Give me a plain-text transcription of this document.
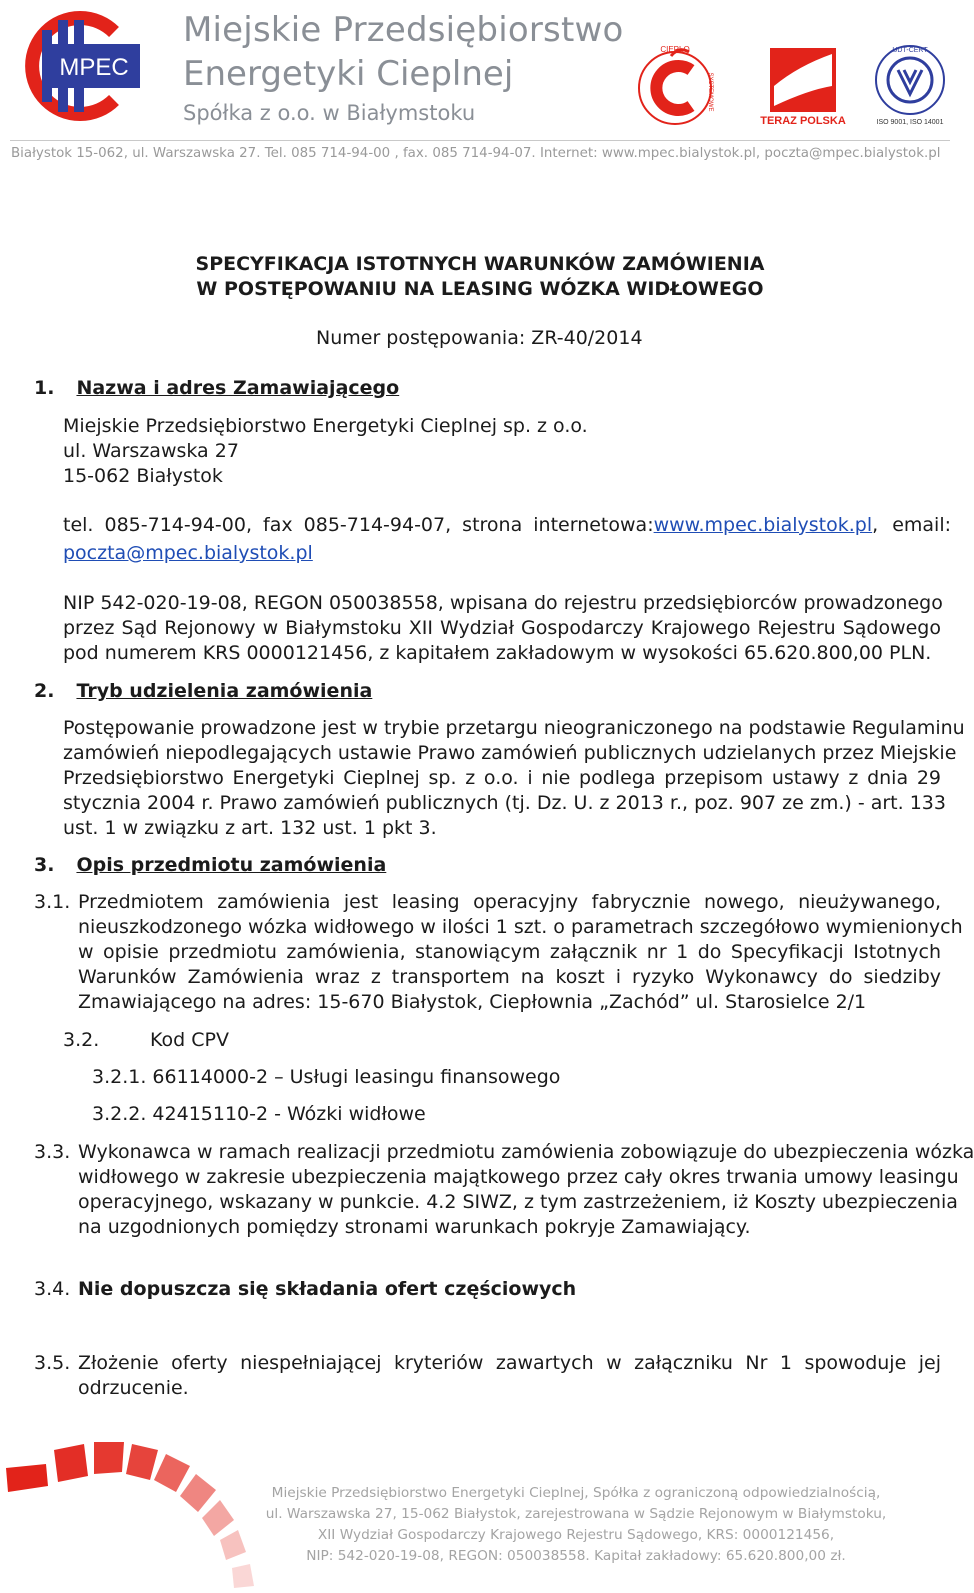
MPEC
Miejskie Przedsiębiorstwo
Energetyki Cieplnej
Spółka z o.o. w Białymstoku
CIEPŁO
SYSTEMOWE
TERAZ POLSKA
UDT-CERT
ISO 9001, ISO 14001
Białystok 15-062, ul. Warszawska 27. Tel. 085 714-94-00 , fax. 085 714-94-07. Internet: www.mpec.bialystok.pl, poczta@mpec.bialystok.pl
SPECYFIKACJA ISTOTNYCH WARUNKÓW ZAMÓWIENIA
W POSTĘPOWANIU NA LEASING WÓZKA WIDŁOWEGO
Numer postępowania: ZR-40/2014
1. Nazwa i adres Zamawiającego
Miejskie Przedsiębiorstwo Energetyki Cieplnej sp. z o.o.
ul. Warszawska 27
15-062 Białystok
tel. 085-714-94-00, fax 085-714-94-07, strona internetowa: www.mpec.bialystok.pl, email:
poczta@mpec.bialystok.pl
NIP 542-020-19-08, REGON 050038558, wpisana do rejestru przedsiębiorców prowadzonego
przez Sąd Rejonowy w Białymstoku XII Wydział Gospodarczy Krajowego Rejestru Sądowego
pod numerem KRS 0000121456, z kapitałem zakładowym w wysokości 65.620.800,00 PLN.
2. Tryb udzielenia zamówienia
Postępowanie prowadzone jest w trybie przetargu nieograniczonego na podstawie Regulaminu
zamówień niepodlegających ustawie Prawo zamówień publicznych udzielanych przez Miejskie
Przedsiębiorstwo Energetyki Cieplnej sp. z o.o. i nie podlega przepisom ustawy z dnia 29
stycznia 2004 r. Prawo zamówień publicznych (tj. Dz. U. z 2013 r., poz. 907 ze zm.) - art. 133
ust. 1 w związku z art. 132 ust. 1 pkt 3.
3. Opis przedmiotu zamówienia
3.1. Przedmiotem zamówienia jest leasing operacyjny fabrycznie nowego, nieużywanego,
nieuszkodzonego wózka widłowego w ilości 1 szt. o parametrach szczegółowo wymienionych
w opisie przedmiotu zamówienia, stanowiącym załącznik nr 1 do Specyfikacji Istotnych
Warunków Zamówienia wraz z transportem na koszt i ryzyko Wykonawcy do siedziby
Zmawiającego na adres: 15-670 Białystok, Ciepłownia „Zachód” ul. Starosielce 2/1
3.2.	Kod CPV
3.2.1. 66114000-2 – Usługi leasingu finansowego
3.2.2. 42415110-2 - Wózki widłowe
3.3. Wykonawca w ramach realizacji przedmiotu zamówienia zobowiązuje do ubezpieczenia wózka
widłowego w zakresie ubezpieczenia majątkowego przez cały okres trwania umowy leasingu
operacyjnego, wskazany w punkcie. 4.2 SIWZ, z tym zastrzeżeniem, iż Koszty ubezpieczenia
na uzgodnionych pomiędzy stronami warunkach pokryje Zamawiający.
3.4. Nie dopuszcza się składania ofert częściowych
3.5. Złożenie oferty niespełniającej kryteriów zawartych w załączniku Nr 1 spowoduje jej
odrzucenie.
Miejskie Przedsiębiorstwo Energetyki Cieplnej, Spółka z ograniczoną odpowiedzialnością,
ul. Warszawska 27, 15-062 Białystok, zarejestrowana w Sądzie Rejonowym w Białymstoku,
XII Wydział Gospodarczy Krajowego Rejestru Sądowego, KRS: 0000121456,
NIP: 542-020-19-08, REGON: 050038558. Kapitał zakładowy: 65.620.800,00 zł.
